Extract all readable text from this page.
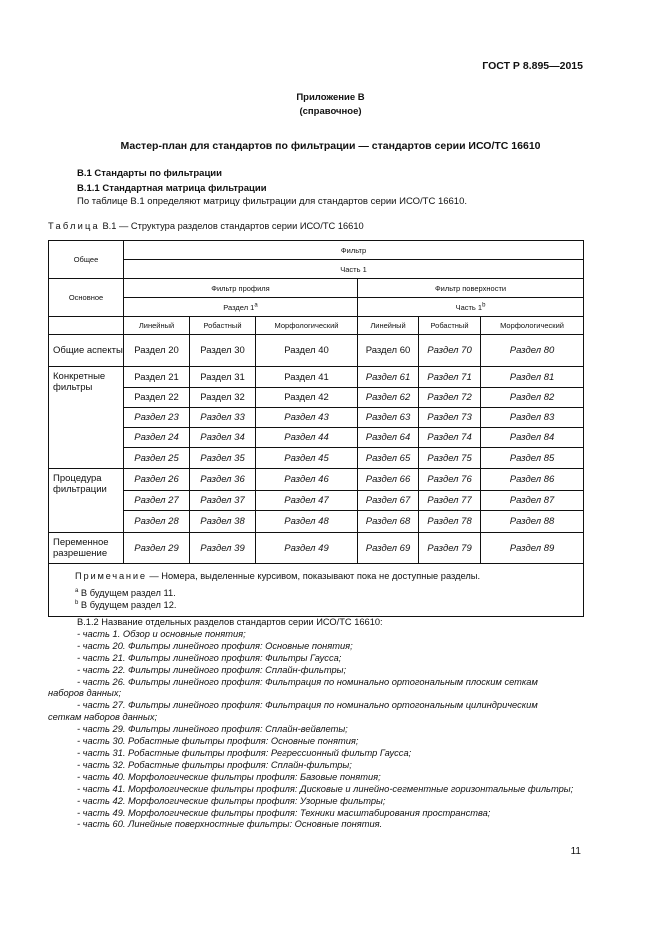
ГОСТ Р 8.895—2015
Приложение В
(справочное)
Мастер-план для стандартов по фильтрации — стандартов серии ИСО/ТС 16610
В.1 Стандарты по фильтрации
В.1.1 Стандартная матрица фильтрации
По таблице В.1 определяют матрицу фильтрации для стандартов серии ИСО/ТС 16610.
Таблица В.1 — Структура разделов стандартов серии ИСО/ТС 16610
Общее	Фильтр					
	Часть 1					
Основное	Фильтр профиля			Фильтр поверхности		
	Раздел 1$^a$			Часть 1$^b$
	Линейный	Робастный	Морфологический	Линейный	Робастный	Морфологический
Общие аспекты	Раздел 20	Раздел 30	Раздел 40	Раздел 60	Раздел 70	Раздел 80
Конкретные фильтры	Раздел 21	Раздел 31	Раздел 41	Раздел 61	Раздел 71	Раздел 81
	Раздел 22	Раздел 32	Раздел 42	Раздел 62	Раздел 72	Раздел 82
	Раздел 23	Раздел 33	Раздел 43	Раздел 63	Раздел 73	Раздел 83
	Раздел 24	Раздел 34	Раздел 44	Раздел 64	Раздел 74	Раздел 84
	Раздел 25	Раздел 35	Раздел 45	Раздел 65	Раздел 75	Раздел 85
Процедура фильтрации	Раздел 26	Раздел 36	Раздел 46	Раздел 66	Раздел 76	Раздел 86
	Раздел 27	Раздел 37	Раздел 47	Раздел 67	Раздел 77	Раздел 87
	Раздел 28	Раздел 38	Раздел 48	Раздел 68	Раздел 78	Раздел 88
Переменное разрешение	Раздел 29	Раздел 39	Раздел 49	Раздел 69	Раздел 79	Раздел 89

Примечание — Номера, выделенные курсивом, показывают пока не доступные разделы.
$^a$ В будущем раздел 11.
$^b$ В будущем раздел 12.						
В.1.2 Название отдельных разделов стандартов серии ИСО/ТС 16610:
- часть 1. Обзор и основные понятия;
- часть 20. Фильтры линейного профиля: Основные понятия;
- часть 21. Фильтры линейного профиля: Фильтры Гаусса;
- часть 22. Фильтры линейного профиля: Сплайн-фильтры;
- часть 26. Фильтры линейного профиля: Фильтрация по номинально ортогональным плоским сеткам
наборов данных;
- часть 27. Фильтры линейного профиля: Фильтрация по номинально ортогональным цилиндрическим
сеткам наборов данных;
- часть 29. Фильтры линейного профиля: Сплайн-вейвлеты;
- часть 30. Робастные фильтры профиля: Основные понятия;
- часть 31. Робастные фильтры профиля: Регрессионный фильтр Гаусса;
- часть 32. Робастные фильтры профиля: Сплайн-фильтры;
- часть 40. Морфологические фильтры профиля: Базовые понятия;
- часть 41. Морфологические фильтры профиля: Дисковые и линейно-сегментные горизонтальные фильтры;
- часть 42. Морфологические фильтры профиля: Узорные фильтры;
- часть 49. Морфологические фильтры профиля: Техники масштабирования пространства;
- часть 60. Линейные поверхностные фильтры: Основные понятия.
11
